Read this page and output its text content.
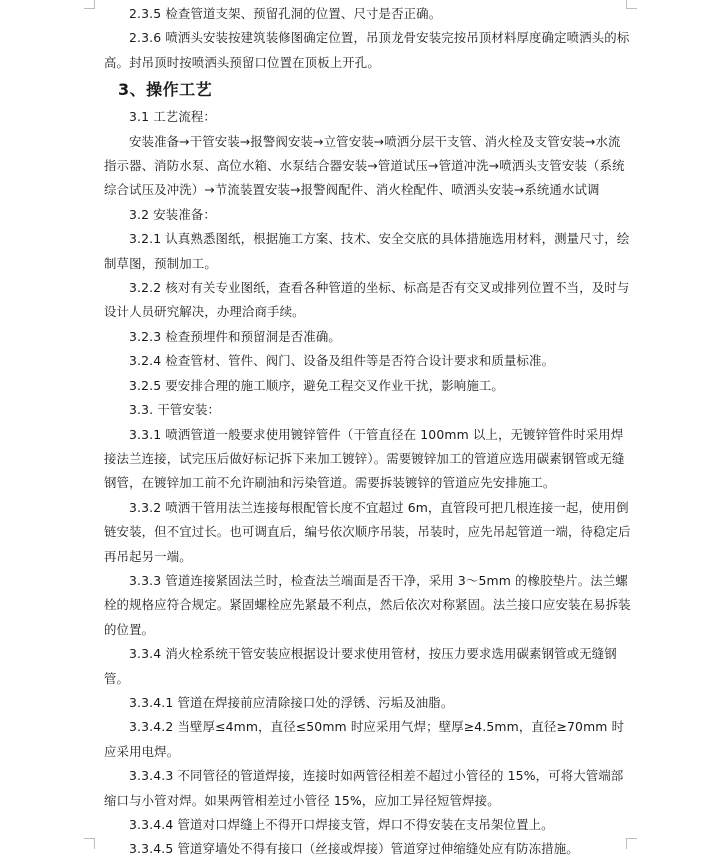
2.3.5 检查管道支架、预留孔洞的位置、尺寸是否正确。

2.3.6 喷洒头安装按建筑装修图确定位置，吊顶龙骨安装完按吊顶材料厚度确定喷洒头的标高。封吊顶时按喷洒头预留口位置在顶板上开孔。

3、操作工艺

3.1 工艺流程：

安装准备→干管安装→报警阀安装→立管安装→喷洒分层干支管、消火栓及支管安装→水流指示器、消防水泵、高位水箱、水泵结合器安装→管道试压→管道冲洗→喷洒头支管安装（系统综合试压及冲洗）→节流装置安装→报警阀配件、消火栓配件、喷洒头安装→系统通水试调

3.2 安装准备：

3.2.1 认真熟悉图纸，根据施工方案、技术、安全交底的具体措施选用材料，测量尺寸，绘制草图，预制加工。

3.2.2 核对有关专业图纸，查看各种管道的坐标、标高是否有交叉或排列位置不当，及时与设计人员研究解决，办理洽商手续。

3.2.3 检查预埋件和预留洞是否准确。

3.2.4 检查管材、管件、阀门、设备及组件等是否符合设计要求和质量标准。

3.2.5 要安排合理的施工顺序，避免工程交叉作业干扰，影响施工。

3.3. 干管安装：

3.3.1 喷洒管道一般要求使用镀锌管件（干管直径在 100mm 以上，无镀锌管件时采用焊接法兰连接，试完压后做好标记拆下来加工镀锌）。需要镀锌加工的管道应选用碳素钢管或无缝钢管，在镀锌加工前不允许刷油和污染管道。需要拆装镀锌的管道应先安排施工。

3.3.2 喷洒干管用法兰连接每根配管长度不宜超过 6m，直管段可把几根连接一起，使用倒链安装，但不宜过长。也可调直后，编号依次顺序吊装，吊装时，应先吊起管道一端，待稳定后再吊起另一端。

3.3.3 管道连接紧固法兰时，检查法兰端面是否干净，采用 3～5mm 的橡胶垫片。法兰螺栓的规格应符合规定。紧固螺栓应先紧最不利点，然后依次对称紧固。法兰接口应安装在易拆装的位置。

3.3.4 消火栓系统干管安装应根据设计要求使用管材，按压力要求选用碳素钢管或无缝钢管。

3.3.4.1 管道在焊接前应清除接口处的浮锈、污垢及油脂。

3.3.4.2 当壁厚≤4mm，直径≤50mm 时应采用气焊；壁厚≥4.5mm，直径≥70mm 时应采用电焊。

3.3.4.3 不同管径的管道焊接，连接时如两管径相差不超过小管径的 15%，可将大管端部缩口与小管对焊。如果两管相差过小管径 15%，应加工异径短管焊接。

3.3.4.4 管道对口焊缝上不得开口焊接支管，焊口不得安装在支吊架位置上。

3.3.4.5 管道穿墙处不得有接口（丝接或焊接）管道穿过伸缩缝处应有防冻措施。
